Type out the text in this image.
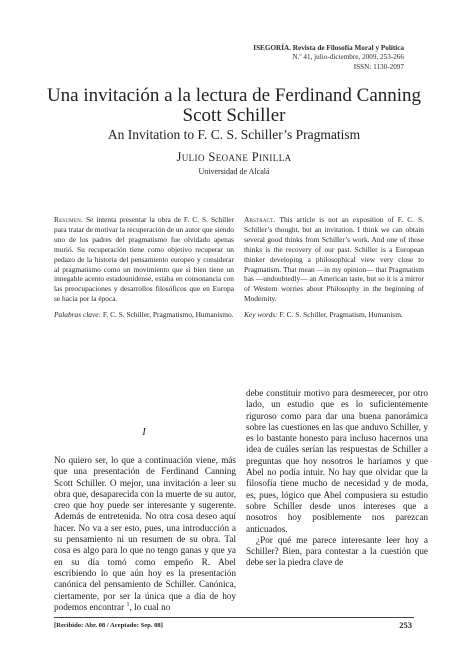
ISEGORÍA. Revista de Filosofía Moral y Política
N.º 41, julio-diciembre, 2009, 253-266
ISSN: 1130-2097
Una invitación a la lectura de Ferdinand Canning Scott Schiller
An Invitation to F. C. S. Schiller’s Pragmatism
Julio Seoane Pinilla
Universidad de Alcalá
Resumen. Se intenta presentar la obra de F. C. S. Schiller para tratar de motivar la recuperación de un autor que siendo uno de los padres del pragmatismo fue olvidado apenas murió. Su recuperación tiene como objetivo recuperar un pedazo de la historia del pensamiento europeo y considerar al pragmatismo como un movimiento que si bien tiene un innegable acento estadounidense, estaba en consonancia con las preocupaciones y desarrollos filosóficos que en Europa se hacía por la época.
Palabras clave: F. C. S. Schiller, Pragmatismo, Humanismo.
Abstract. This article is not an exposition of F. C. S. Schiller’s thought, but an invitation. I think we can obtain several good thinks from Schiller’s work. And one of those thinks is the recovery of our past. Schiller is a European thinker developing a philosophical view very close to Pragmatism. That mean —in my opinion— that Pragmatism has —undoubtedly— an American taste, but so it is a mirror of Western worries about Philosophy in the beginning of Modernity.
Key words: F. C. S. Schiller, Pragmatism, Humanism.
I

No quiero ser, lo que a continuación viene, más que una presentación de Ferdinand Canning Scott Schiller. O mejor, una invitación a leer su obra que, desaparecida con la muerte de su autor, creo que hoy puede ser interesante y sugerente. Además de entretenida. No otra cosa deseo aquí hacer. No va a ser esto, pues, una introducción a su pensamiento ni un resumen de su obra. Tal cosa es algo para lo que no tengo ganas y que ya en su día tomó como empeño R. Abel escribiendo lo que aún hoy es la presentación canónica del pensamiento de Schiller. Canónica, ciertamente, por ser la única que a día de hoy podemos encontrar $^1$, lo cual no

debe constituir motivo para desmerecer, por otro lado, un estudio que es lo suficientemente riguroso como para dar una buena panorámica sobre las cuestiones en las que anduvo Schiller, y es lo bastante honesto para incluso hacernos una idea de cuáles serían las respuestas de Schiller a preguntas que hoy nosotros le haríamos y que Abel no podía intuir. No hay que olvidar que la filosofía tiene mucho de necesidad y de moda, es, pues, lógico que Abel compusiera su estudio sobre Schiller desde unos intereses que a nosotros hoy posiblemente nos parezcan anticuados.

¿Por qué me parece interesante leer hoy a Schiller? Bien, para contestar a la cuestión que debe ser la piedra clave de

[Recibido: Abr. 08 / Aceptado: Sep. 08]	253
